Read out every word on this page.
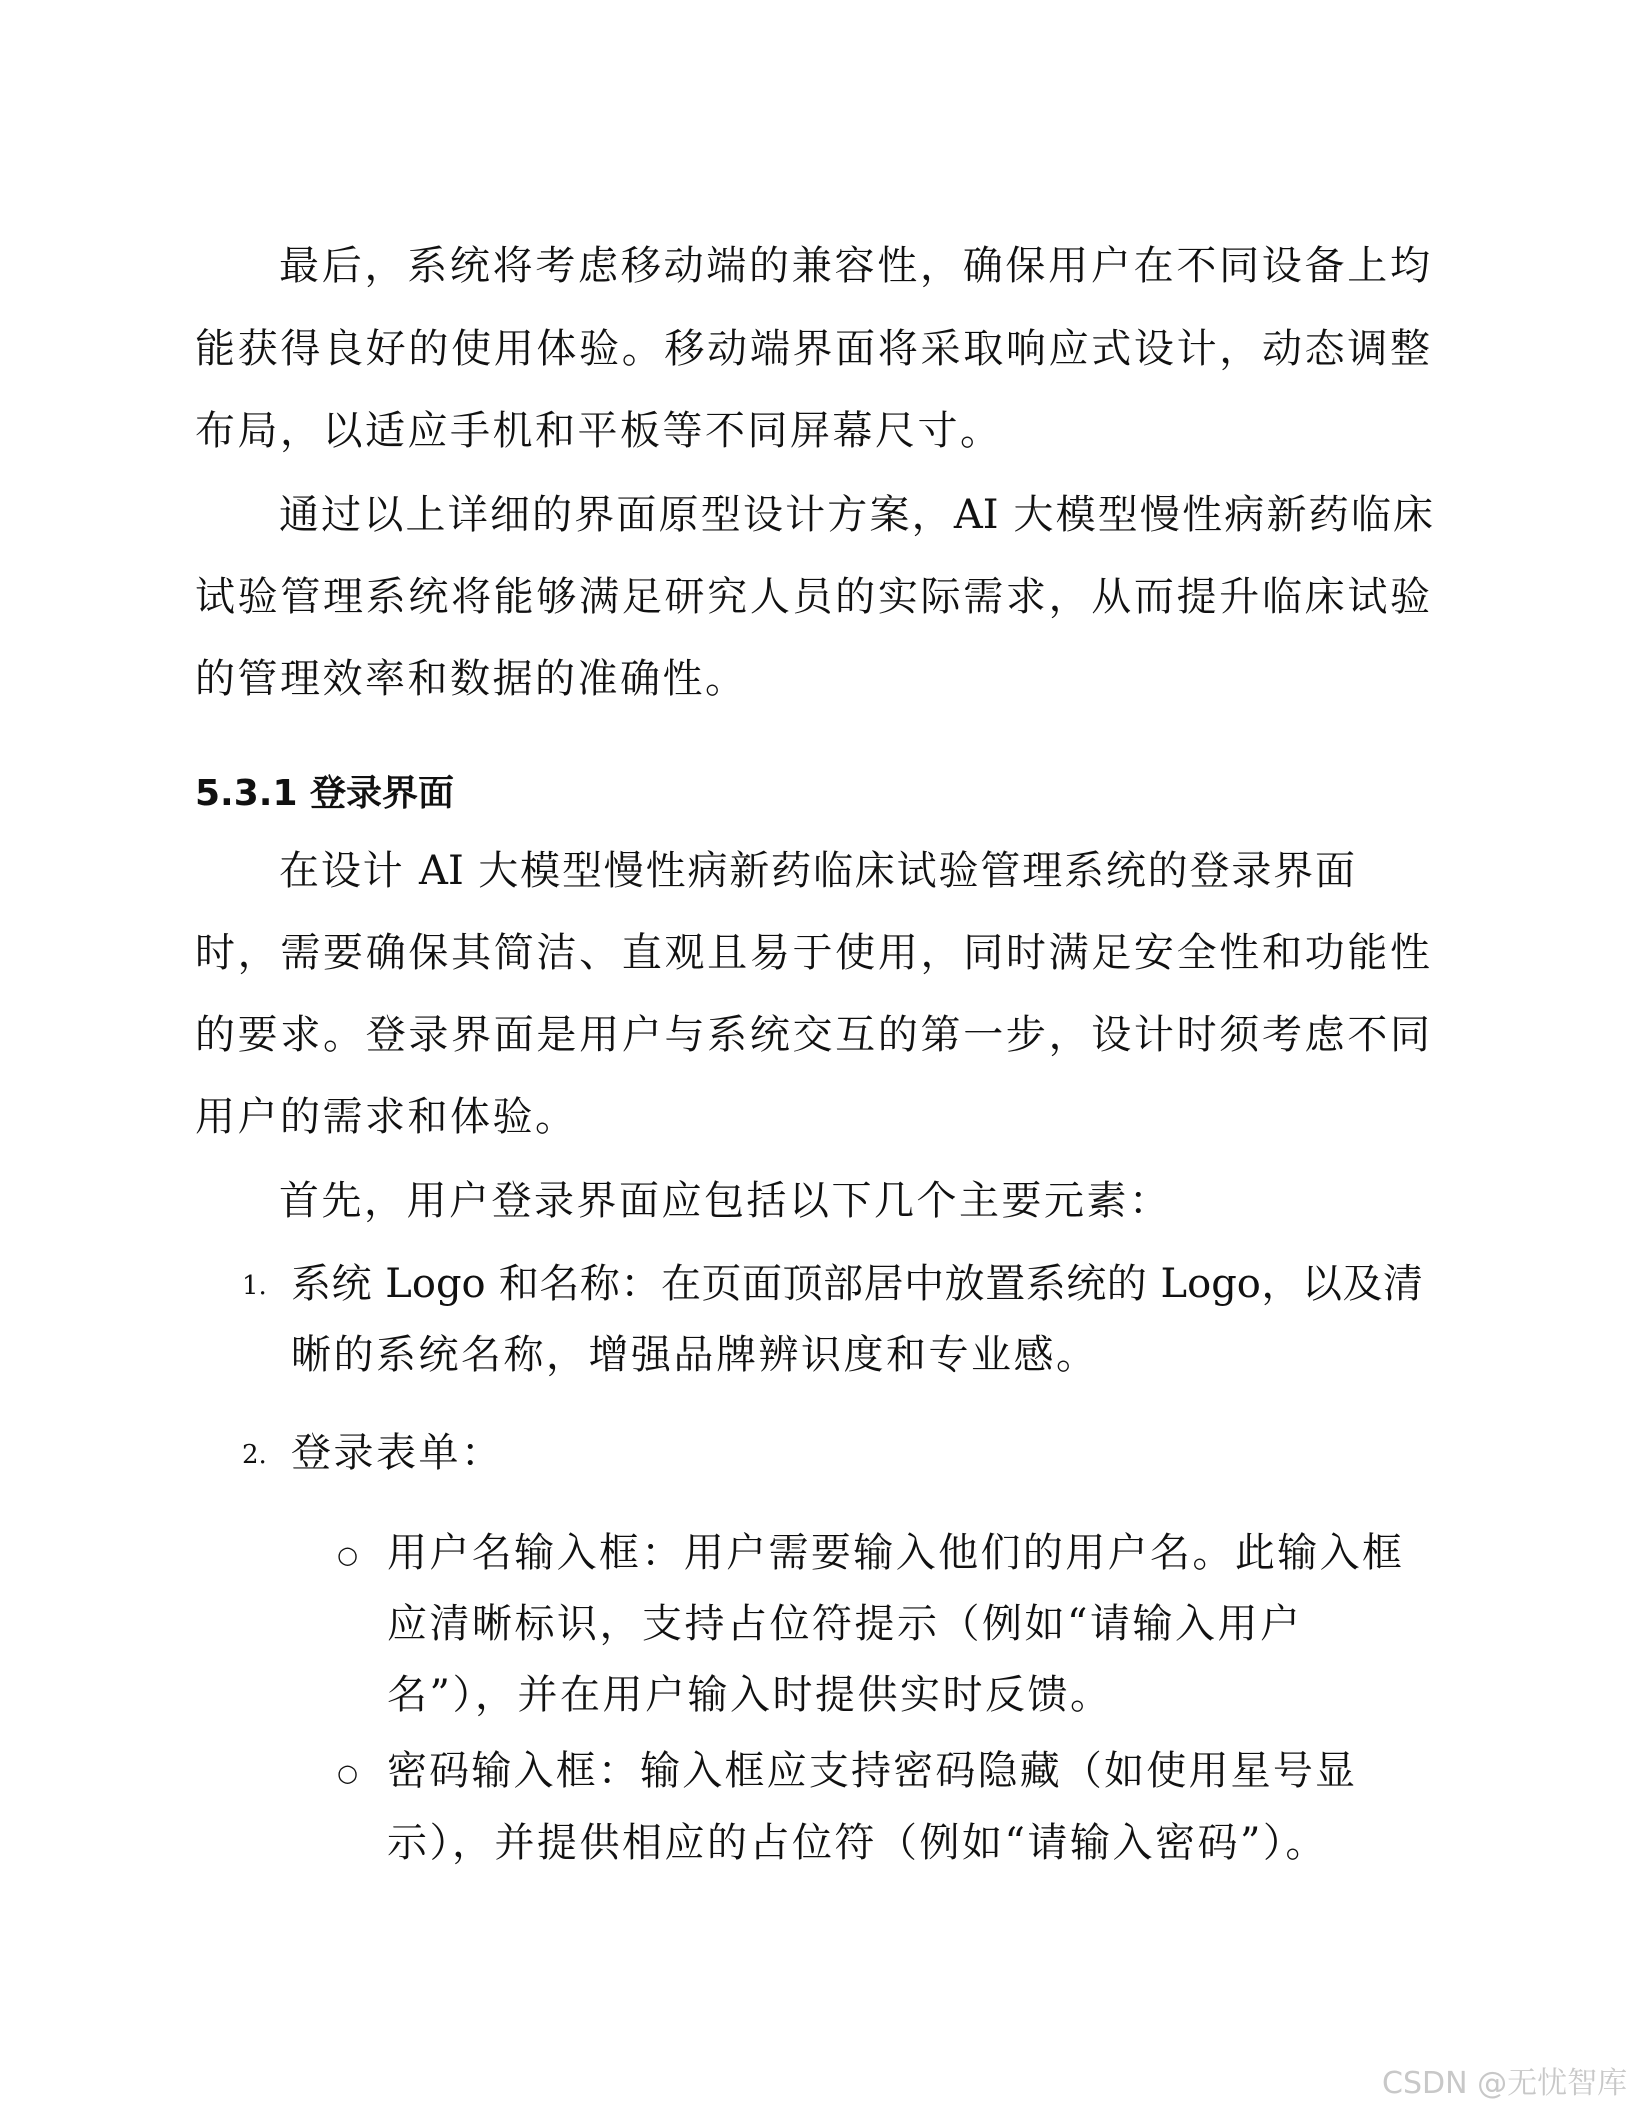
最后，系统将考虑移动端的兼容性，确保用户在不同设备上均
能获得良好的使用体验。移动端界面将采取响应式设计，动态调整
布局，以适应手机和平板等不同屏幕尺寸。
通过以上详细的界面原型设计方案，AI 大模型慢性病新药临床
试验管理系统将能够满足研究人员的实际需求，从而提升临床试验
的管理效率和数据的准确性。
5.3.1 登录界面
在设计 AI 大模型慢性病新药临床试验管理系统的登录界面
时，需要确保其简洁、直观且易于使用，同时满足安全性和功能性
的要求。登录界面是用户与系统交互的第一步，设计时须考虑不同
用户的需求和体验。
首先，用户登录界面应包括以下几个主要元素：
1. 系统 Logo 和名称：在页面顶部居中放置系统的 Logo，以及清
晰的系统名称，增强品牌辨识度和专业感。
2. 登录表单：
○ 用户名输入框：用户需要输入他们的用户名。此输入框
应清晰标识，支持占位符提示（例如“请输入用户
名”），并在用户输入时提供实时反馈。
○ 密码输入框：输入框应支持密码隐藏（如使用星号显
示），并提供相应的占位符（例如“请输入密码”）。
CSDN @无忧智库
